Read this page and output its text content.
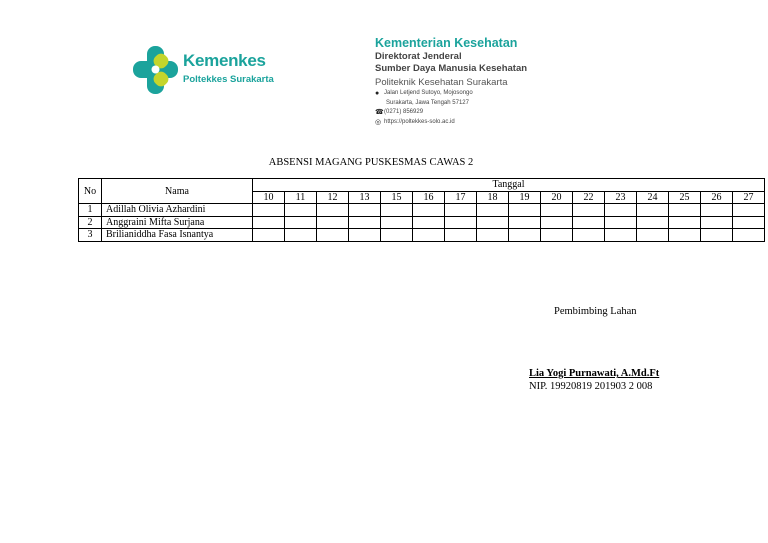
Kemenkes
Poltekkes Surakarta
Kementerian Kesehatan
Direktorat Jenderal
Sumber Daya Manusia Kesehatan
Politeknik Kesehatan Surakarta
● Jalan Letjend Sutoyo, Mojosongo
Surakarta, Jawa Tengah 57127
☎ (0271) 856929
◎ https://poltekkes-solo.ac.id
ABSENSI MAGANG PUSKESMAS CAWAS 2
No	Nama	Tanggal															
		10	11	12	13	15	16	17	18	19	20	22	23	24	25	26	27
1	Adillah Olivia Azhardini																
2	Anggraini Mifta Surjana																
3	Brilianiddha Fasa Isnantya																
Pembimbing Lahan
Lia Yogi Purnawati, A.Md.Ft
NIP. 19920819 201903 2 008
